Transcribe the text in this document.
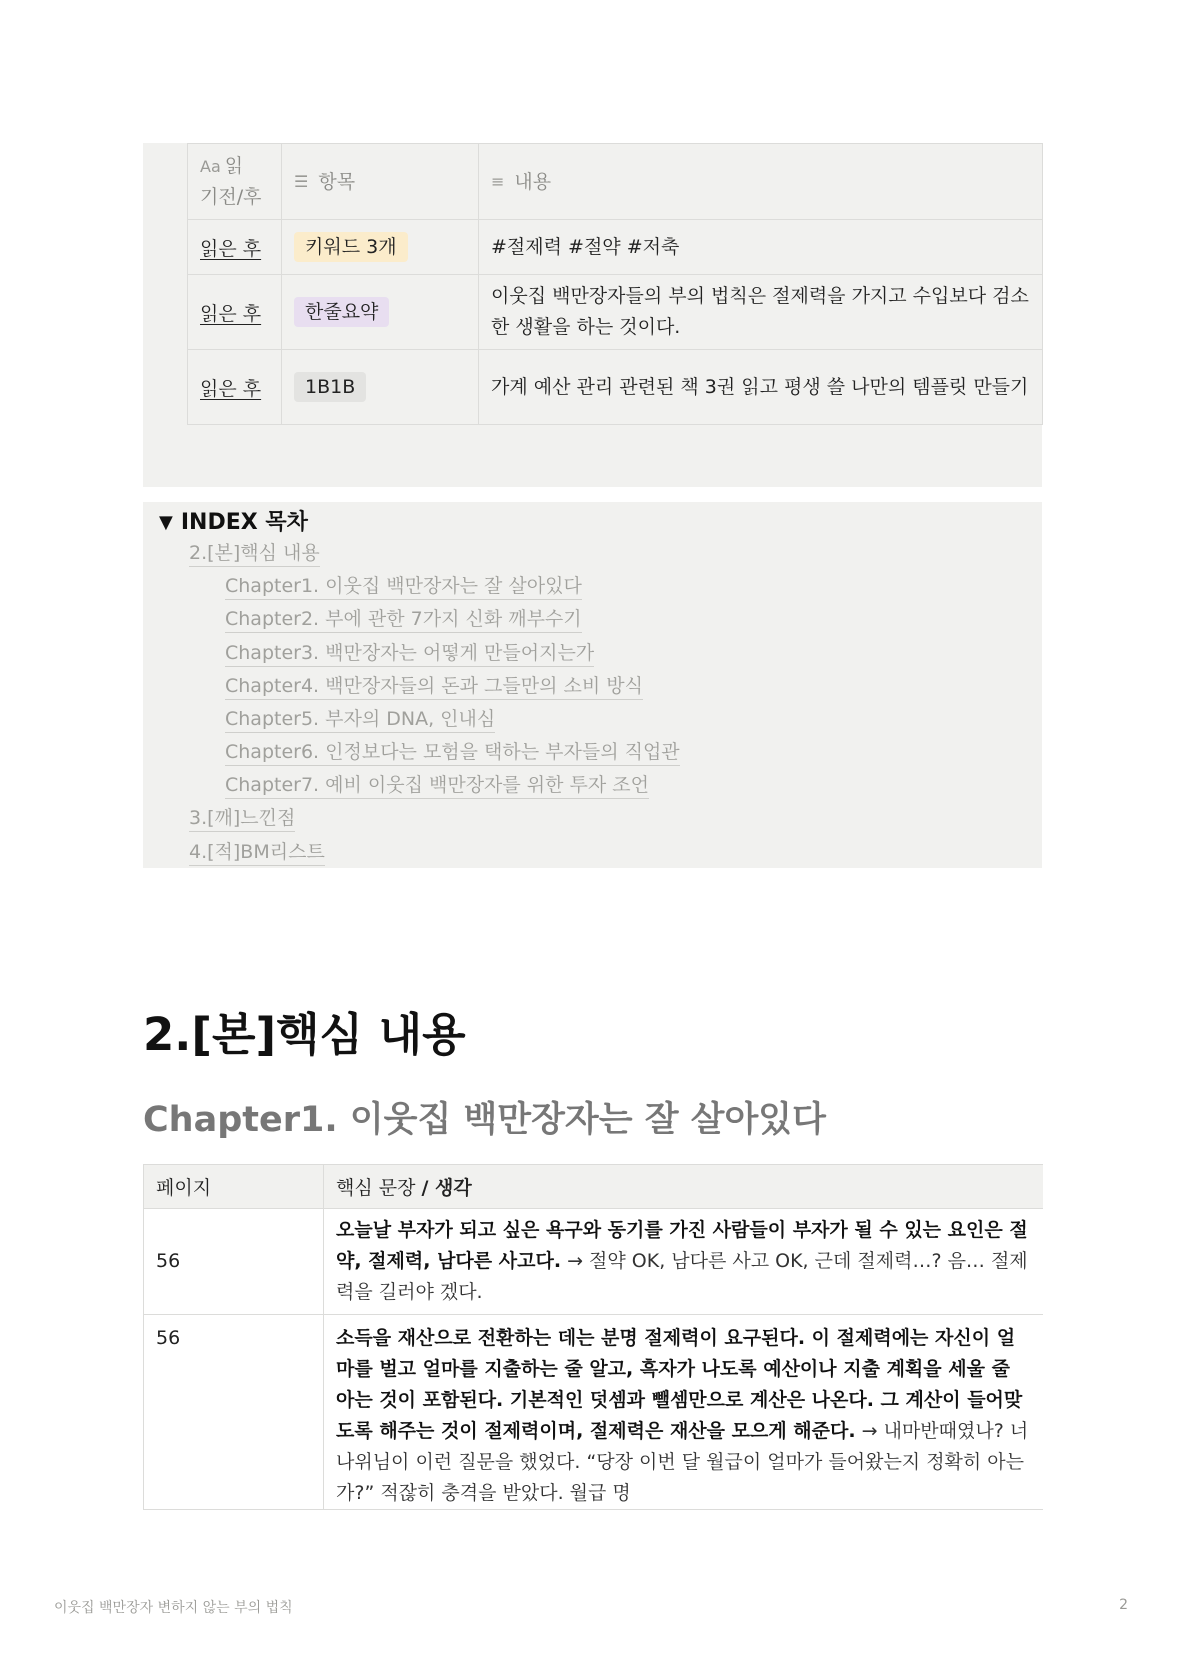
Aa 읽
기전/후	☰ 항목	≡ 내용

읽은 후	키워드 3개	#절제력 #절약 #저축
읽은 후	한줄요약	이웃집 백만장자들의 부의 법칙은 절제력을 가지고 수입보다 검소한 생활을 하는 것이다.
읽은 후	1B1B	가계 예산 관리 관련된 책 3권 읽고 평생 쓸 나만의 템플릿 만들기
▼ INDEX 목차
2.[본]핵심 내용
Chapter1. 이웃집 백만장자는 잘 살아있다
Chapter2. 부에 관한 7가지 신화 깨부수기
Chapter3. 백만장자는 어떻게 만들어지는가
Chapter4. 백만장자들의 돈과 그들만의 소비 방식
Chapter5. 부자의 DNA, 인내심
Chapter6. 인정보다는 모험을 택하는 부자들의 직업관
Chapter7. 예비 이웃집 백만장자를 위한 투자 조언
3.[깨]느낀점
4.[적]BM리스트
2.[본]핵심 내용
Chapter1. 이웃집 백만장자는 잘 살아있다
페이지	핵심 문장 / 생각
56	오늘날 부자가 되고 싶은 욕구와 동기를 가진 사람들이 부자가 될 수 있는 요인은 절약, 절제력, 남다른 사고다. → 절약 OK, 남다른 사고 OK, 근데 절제력…? 음… 절제력을 길러야 겠다.
56	소득을 재산으로 전환하는 데는 분명 절제력이 요구된다. 이 절제력에는 자신이 얼마를 벌고 얼마를 지출하는 줄 알고, 흑자가 나도록 예산이나 지출 계획을 세울 줄 아는 것이 포함된다. 기본적인 덧셈과 뺄셈만으로 계산은 나온다. 그 계산이 들어맞도록 해주는 것이 절제력이며, 절제력은 재산을 모으게 해준다. → 내마반때였나? 너나위님이 이런 질문을 했었다. “당장 이번 달 월급이 얼마가 들어왔는지 정확히 아는가?” 적잖히 충격을 받았다. 월급 명
이웃집 백만장자 변하지 않는 부의 법칙	2
